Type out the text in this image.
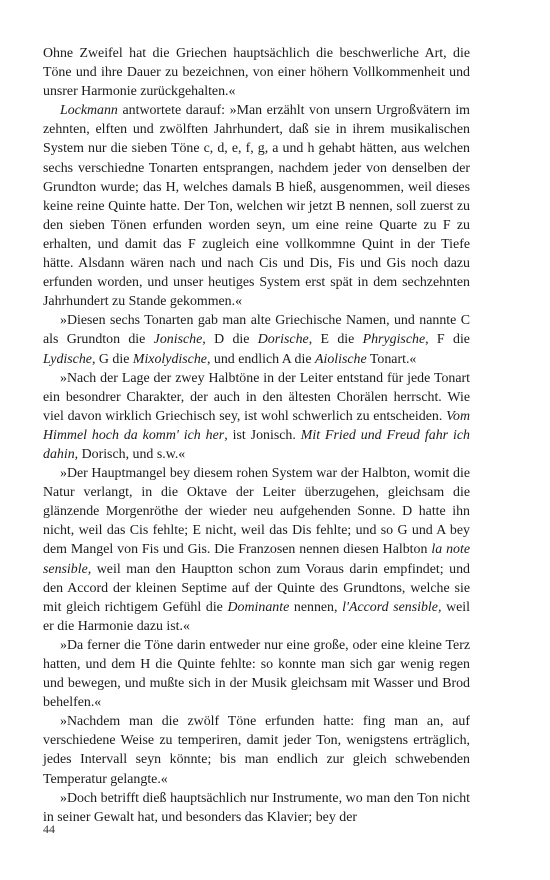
Ohne Zweifel hat die Griechen hauptsächlich die beschwerliche Art, die Töne und ihre Dauer zu bezeichnen, von einer höhern Vollkommenheit und unsrer Harmonie zurückgehalten.«

Lockmann antwortete darauf: »Man erzählt von unsern Urgroßvätern im zehnten, elften und zwölften Jahrhundert, daß sie in ihrem musikalischen System nur die sieben Töne c, d, e, f, g, a und h gehabt hätten, aus welchen sechs verschiedne Tonarten entsprangen, nachdem jeder von denselben der Grundton wurde; das H, welches damals B hieß, ausgenommen, weil dieses keine reine Quinte hatte. Der Ton, welchen wir jetzt B nennen, soll zuerst zu den sieben Tönen erfunden worden seyn, um eine reine Quarte zu F zu erhalten, und damit das F zugleich eine vollkommne Quint in der Tiefe hätte. Alsdann wären nach und nach Cis und Dis, Fis und Gis noch dazu erfunden worden, und unser heutiges System erst spät in dem sechzehnten Jahrhundert zu Stande gekommen.«

»Diesen sechs Tonarten gab man alte Griechische Namen, und nannte C als Grundton die Jonische, D die Dorische, E die Phrygische, F die Lydische, G die Mixolydische, und endlich A die Aiolische Tonart.«

»Nach der Lage der zwey Halbtöne in der Leiter entstand für jede Tonart ein besondrer Charakter, der auch in den ältesten Chorälen herrscht. Wie viel davon wirklich Griechisch sey, ist wohl schwerlich zu entscheiden. Vom Himmel hoch da komm' ich her, ist Jonisch. Mit Fried und Freud fahr ich dahin, Dorisch, und s.w.«

»Der Hauptmangel bey diesem rohen System war der Halbton, womit die Natur verlangt, in die Oktave der Leiter überzugehen, gleichsam die glänzende Morgenröthe der wieder neu aufgehenden Sonne. D hatte ihn nicht, weil das Cis fehlte; E nicht, weil das Dis fehlte; und so G und A bey dem Mangel von Fis und Gis. Die Franzosen nennen diesen Halbton la note sensible, weil man den Hauptton schon zum Voraus darin empfindet; und den Accord der kleinen Septime auf der Quinte des Grundtons, welche sie mit gleich richtigem Gefühl die Dominante nennen, l'Accord sensible, weil er die Harmonie dazu ist.«

»Da ferner die Töne darin entweder nur eine große, oder eine kleine Terz hatten, und dem H die Quinte fehlte: so konnte man sich gar wenig regen und bewegen, und mußte sich in der Musik gleichsam mit Wasser und Brod behelfen.«

»Nachdem man die zwölf Töne erfunden hatte: fing man an, auf verschiedene Weise zu temperiren, damit jeder Ton, wenigstens erträglich, jedes Intervall seyn könnte; bis man endlich zur gleich schwebenden Temperatur gelangte.«

»Doch betrifft dieß hauptsächlich nur Instrumente, wo man den Ton nicht in seiner Gewalt hat, und besonders das Klavier; bey der

44
